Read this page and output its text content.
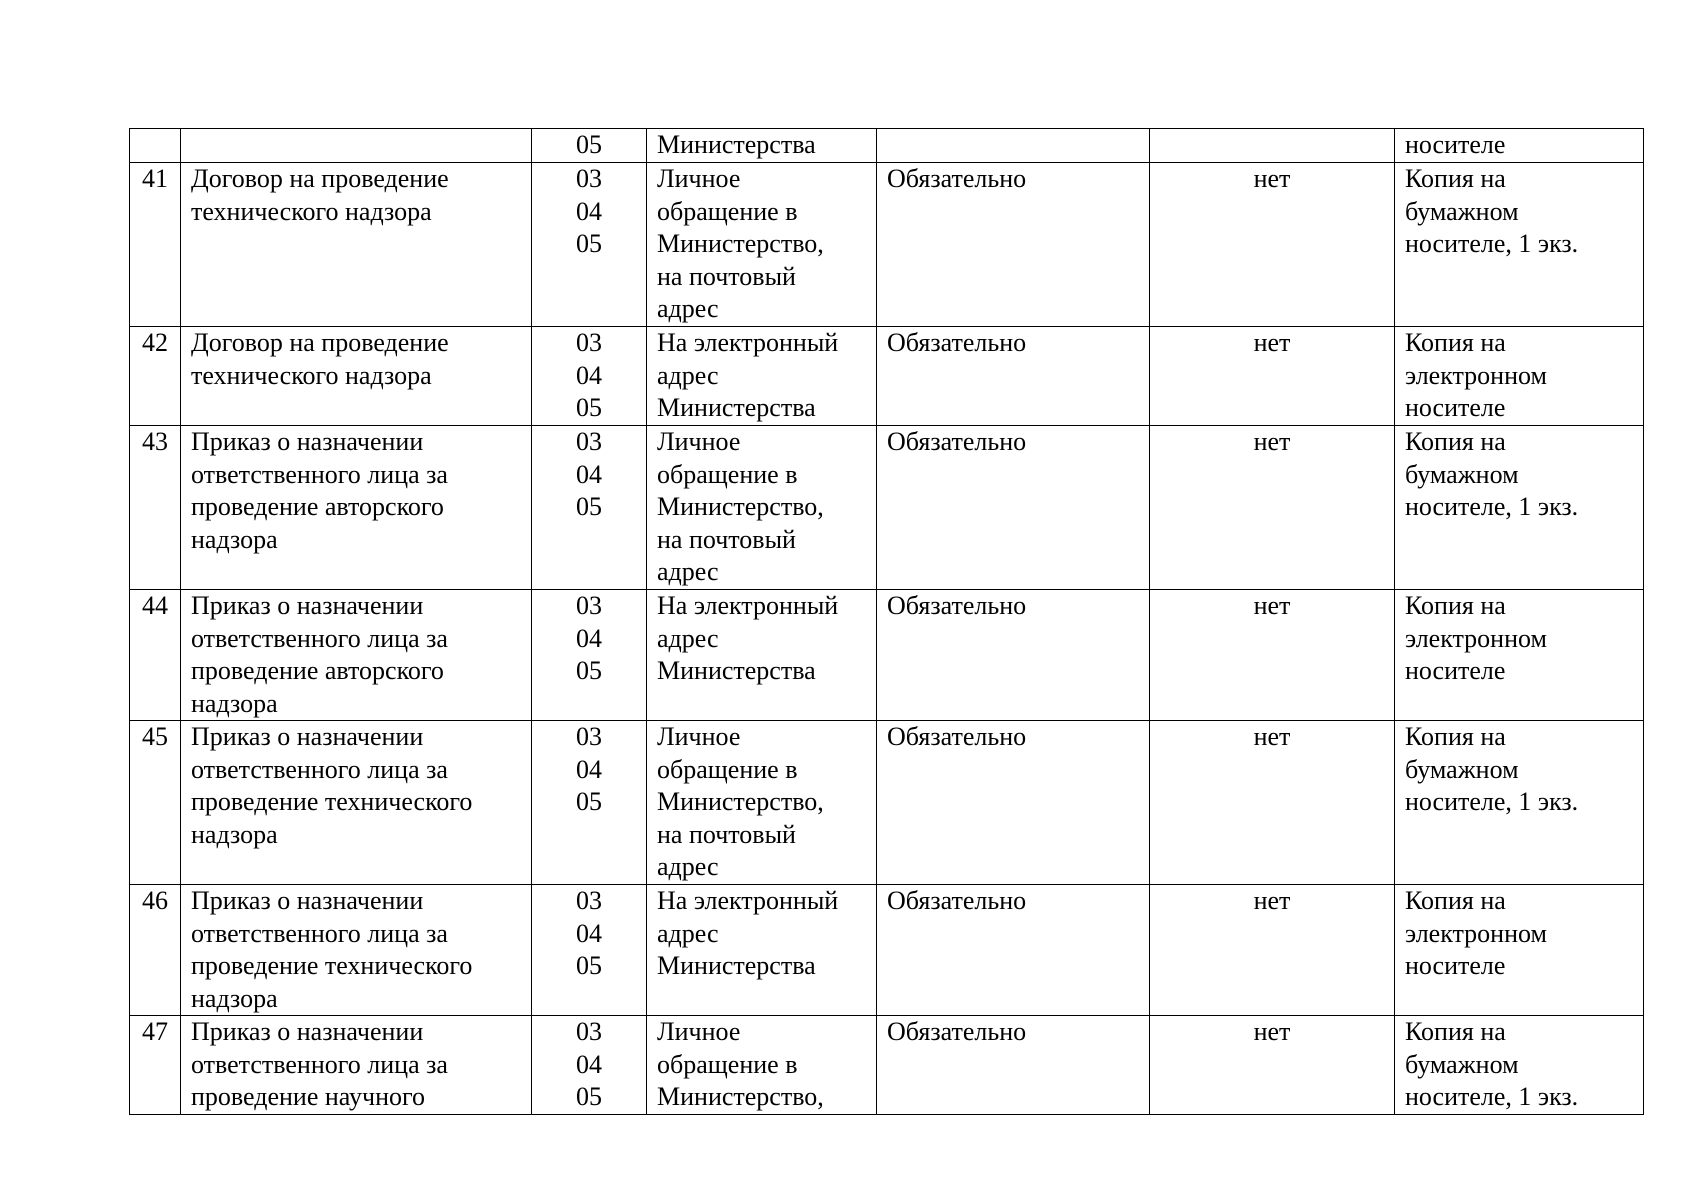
		05	Министерства			носителе

41	Договор на проведение
технического надзора	03
04
05	Личное
обращение в
Министерство,
на почтовый
адрес	Обязательно	нет	Копия на
бумажном
носителе, 1 экз.

42	Договор на проведение
технического надзора	03
04
05	На электронный
адрес
Министерства	Обязательно	нет	Копия на
электронном
носителе

43	Приказ о назначении
ответственного лица за
проведение авторского
надзора	03
04
05	Личное
обращение в
Министерство,
на почтовый
адрес	Обязательно	нет	Копия на
бумажном
носителе, 1 экз.

44	Приказ о назначении
ответственного лица за
проведение авторского
надзора	03
04
05	На электронный
адрес
Министерства	Обязательно	нет	Копия на
электронном
носителе

45	Приказ о назначении
ответственного лица за
проведение технического
надзора	03
04
05	Личное
обращение в
Министерство,
на почтовый
адрес	Обязательно	нет	Копия на
бумажном
носителе, 1 экз.

46	Приказ о назначении
ответственного лица за
проведение технического
надзора	03
04
05	На электронный
адрес
Министерства	Обязательно	нет	Копия на
электронном
носителе

47	Приказ о назначении
ответственного лица за
проведение научного	03
04
05	Личное
обращение в
Министерство,	Обязательно	нет	Копия на
бумажном
носителе, 1 экз.
